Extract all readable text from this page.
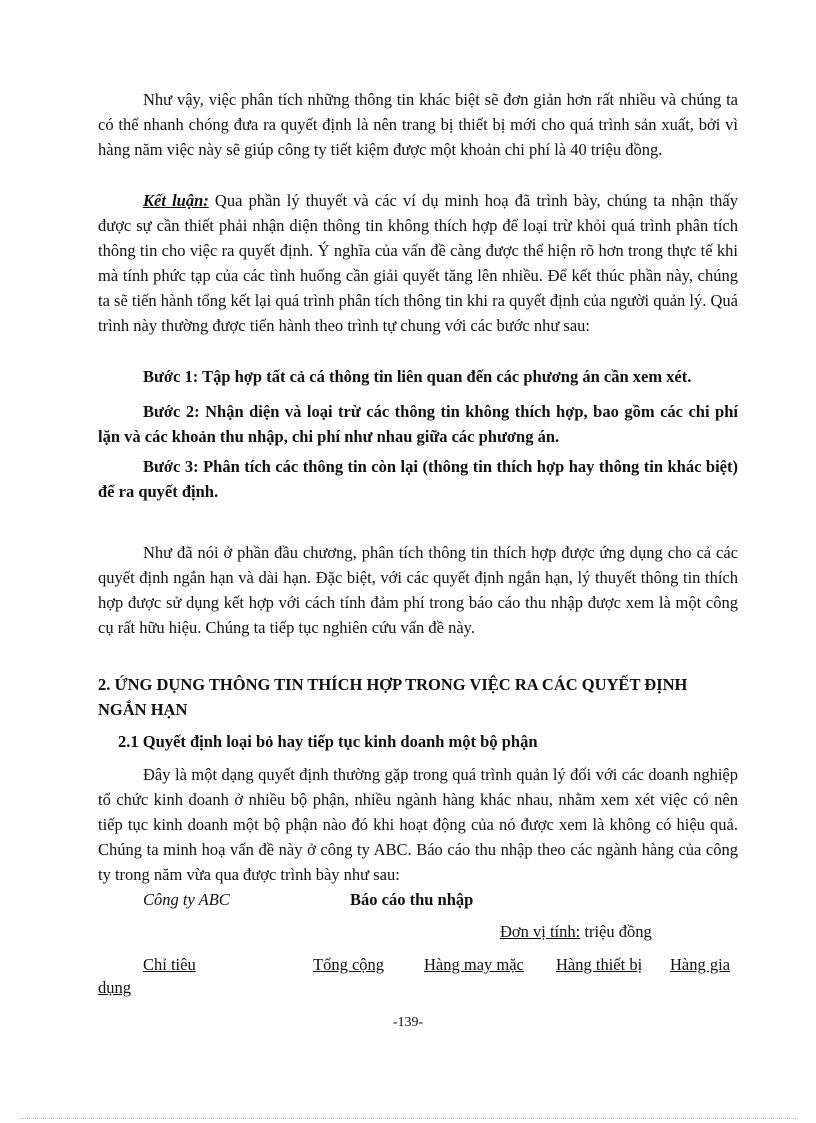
Như vậy, việc phân tích những thông tin khác biệt sẽ đơn giản hơn rất nhiều và chúng ta có thể nhanh chóng đưa ra quyết định là nên trang bị thiết bị mới cho quá trình sản xuất, bởi vì hàng năm việc này sẽ giúp công ty tiết kiệm được một khoản chi phí là 40 triệu đồng.

Kết luận: Qua phần lý thuyết và các ví dụ minh hoạ đã trình bày, chúng ta nhận thấy được sự cần thiết phải nhận diện thông tin không thích hợp để loại trừ khỏi quá trình phân tích thông tin cho việc ra quyết định. Ý nghĩa của vấn đề càng được thể hiện rõ hơn trong thực tế khi mà tính phức tạp của các tình huống cần giải quyết tăng lên nhiều. Để kết thúc phần này, chúng ta sẽ tiến hành tổng kết lại quá trình phân tích thông tin khi ra quyết định của người quản lý. Quá trình này thường được tiến hành theo trình tự chung với các bước như sau:

Bước 1: Tập hợp tất cả cá thông tin liên quan đến các phương án cần xem xét.

Bước 2: Nhận diện và loại trừ các thông tin không thích hợp, bao gồm các chi phí lặn và các khoản thu nhập, chi phí như nhau giữa các phương án.

Bước 3: Phân tích các thông tin còn lại (thông tin thích hợp hay thông tin khác biệt) để ra quyết định.

Như đã nói ở phần đầu chương, phân tích thông tin thích hợp được ứng dụng cho cả các quyết định ngắn hạn và dài hạn. Đặc biệt, với các quyết định ngắn hạn, lý thuyết thông tin thích hợp được sử dụng kết hợp với cách tính đảm phí trong báo cáo thu nhập được xem là một công cụ rất hữu hiệu. Chúng ta tiếp tục nghiên cứu vấn đề này.

2. ỨNG DỤNG THÔNG TIN THÍCH HỢP TRONG VIỆC RA CÁC QUYẾT ĐỊNH NGẮN HẠN

2.1 Quyết định loại bỏ hay tiếp tục kinh doanh một bộ phận

Đây là một dạng quyết định thường gặp trong quá trình quản lý đối với các doanh nghiệp tổ chức kinh doanh ở nhiều bộ phận, nhiều ngành hàng khác nhau, nhằm xem xét việc có nên tiếp tục kinh doanh một bộ phận nào đó khi hoạt động của nó được xem là không có hiệu quả. Chúng ta minh hoạ vấn đề này ở công ty ABC. Báo cáo thu nhập theo các ngành hàng của công ty trong năm vừa qua được trình bày như sau:

Công ty ABC	Báo cáo thu nhập
Đơn vị tính: triệu đồng
Chỉ tiêu	Tổng cộng Hàng may mặc Hàng thiết bị Hàng gia
dụng
-139-
